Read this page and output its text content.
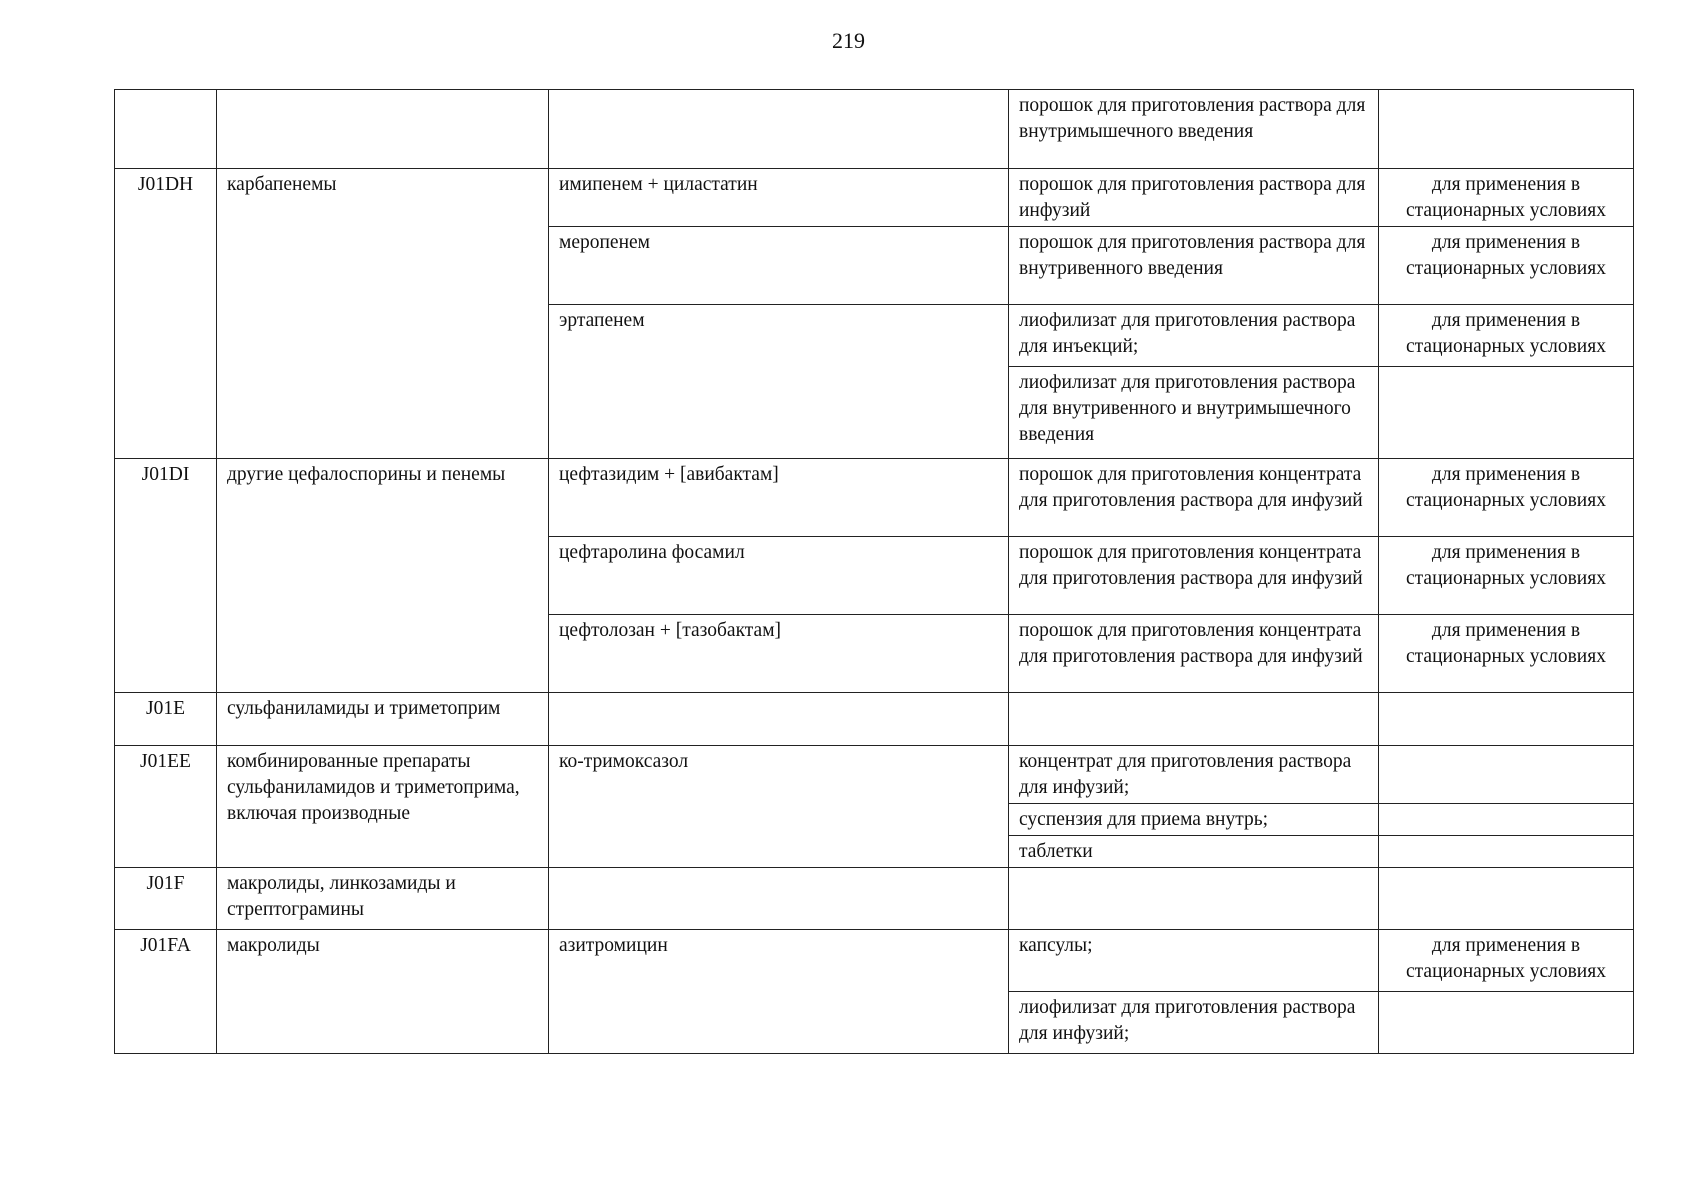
219
			порошок для приготовления раствора для внутримышечного введения	
J01DH	карбапенемы	имипенем + циластатин	порошок для приготовления раствора для инфузий	для применения в стационарных условиях
		меропенем	порошок для приготовления раствора для внутривенного введения	для применения в стационарных условиях
		эртапенем	лиофилизат для приготовления раствора для инъекций;	для применения в стационарных условиях
			лиофилизат для приготовления раствора для внутривенного и внутримышечного введения	
J01DI	другие цефалоспорины и пенемы	цефтазидим + [авибактам]	порошок для приготовления концентрата для приготовления раствора для инфузий	для применения в стационарных условиях
		цефтаролина фосамил	порошок для приготовления концентрата для приготовления раствора для инфузий	для применения в стационарных условиях
		цефтолозан + [тазобактам]	порошок для приготовления концентрата для приготовления раствора для инфузий	для применения в стационарных условиях
J01E	сульфаниламиды и триметоприм			
J01EE	комбинированные препараты сульфаниламидов и триметоприма, включая производные	ко-тримоксазол	концентрат для приготовления раствора для инфузий;	
			суспензия для приема внутрь;	
			таблетки	
J01F	макролиды, линкозамиды и стрептограмины			
J01FA	макролиды	азитромицин	капсулы;	для применения в стационарных условиях
			лиофилизат для приготовления раствора для инфузий;	
